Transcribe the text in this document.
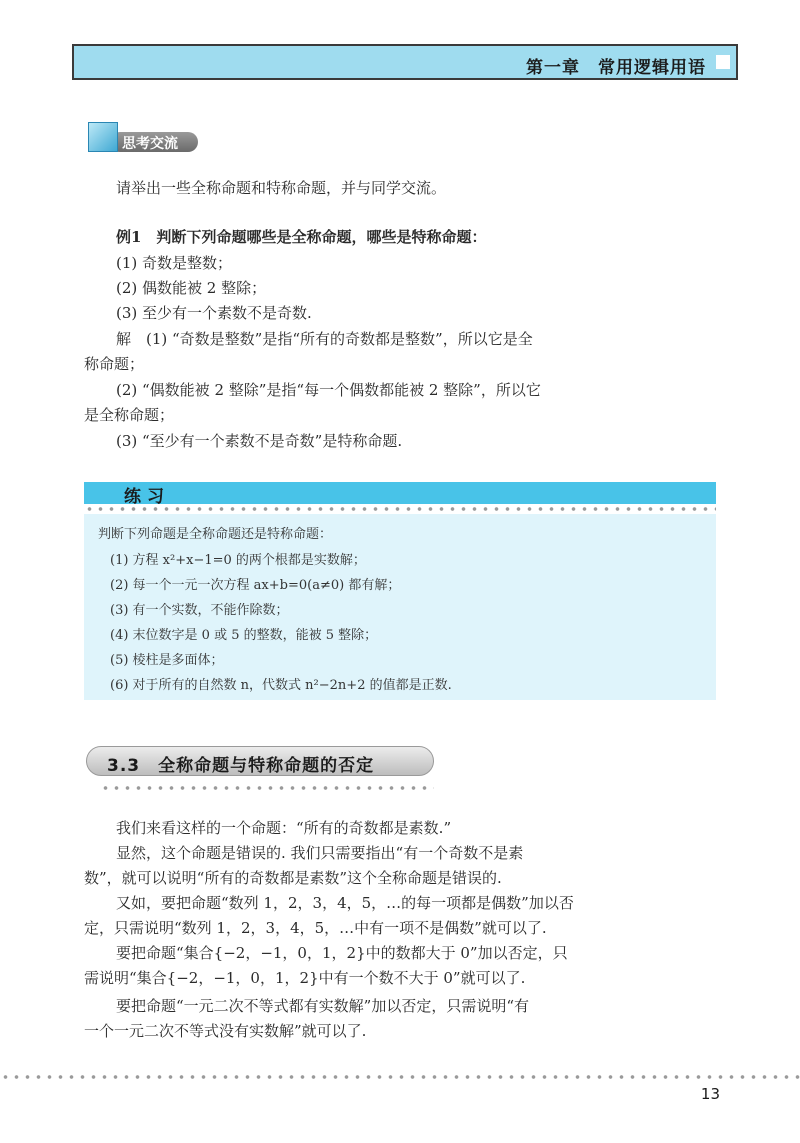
第一章　常用逻辑用语
思考交流
请举出一些全称命题和特称命题，并与同学交流。
例1　判断下列命题哪些是全称命题，哪些是特称命题：
(1) 奇数是整数；
(2) 偶数能被 2 整除；
(3) 至少有一个素数不是奇数.
解　(1) “奇数是整数”是指“所有的奇数都是整数”，所以它是全
称命题；
(2) “偶数能被 2 整除”是指“每一个偶数都能被 2 整除”，所以它
是全称命题；
(3) “至少有一个素数不是奇数”是特称命题.
练习
判断下列命题是全称命题还是特称命题：
(1) 方程 x²+x−1=0 的两个根都是实数解；
(2) 每一个一元一次方程 ax+b=0(a≠0) 都有解；
(3) 有一个实数，不能作除数；
(4) 末位数字是 0 或 5 的整数，能被 5 整除；
(5) 棱柱是多面体；
(6) 对于所有的自然数 n，代数式 n²−2n+2 的值都是正数.
3.3　全称命题与特称命题的否定
我们来看这样的一个命题：“所有的奇数都是素数.”
显然，这个命题是错误的. 我们只需要指出“有一个奇数不是素
数”，就可以说明“所有的奇数都是素数”这个全称命题是错误的.
又如，要把命题“数列 1，2，3，4，5，…的每一项都是偶数”加以否
定，只需说明“数列 1，2，3，4，5，…中有一项不是偶数”就可以了.
要把命题“集合{−2，−1，0，1，2}中的数都大于 0”加以否定，只
需说明“集合{−2，−1，0，1，2}中有一个数不大于 0”就可以了.
要把命题“一元二次不等式都有实数解”加以否定，只需说明“有
一个一元二次不等式没有实数解”就可以了.
13
